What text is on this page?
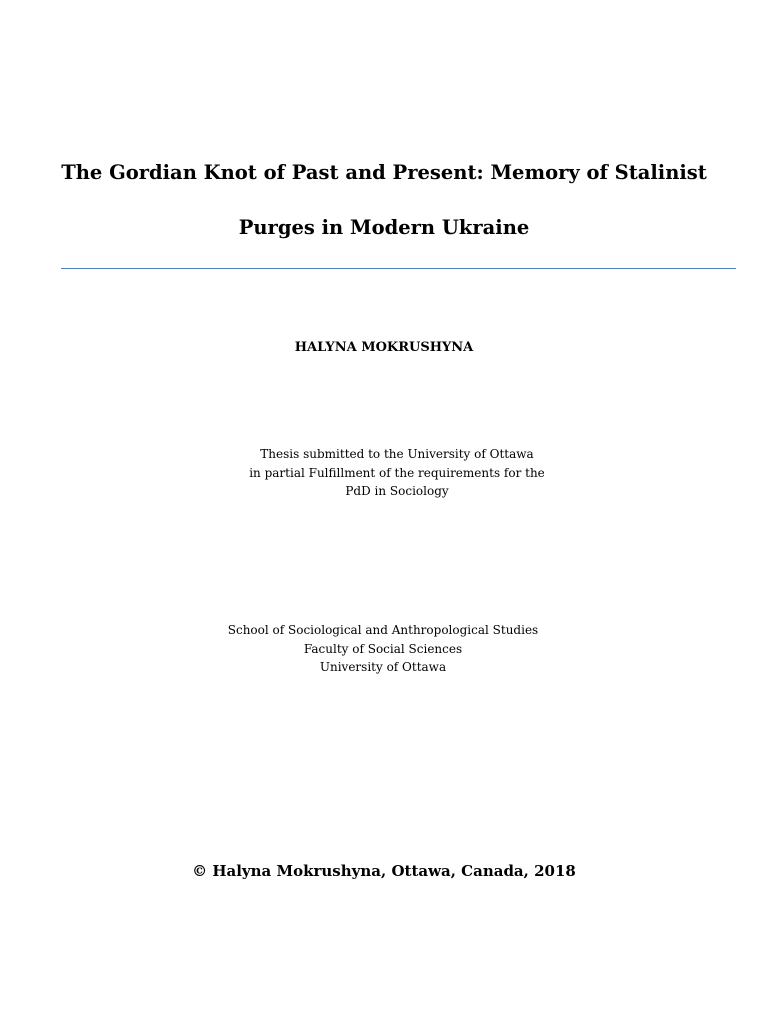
The Gordian Knot of Past and Present: Memory of Stalinist
Purges in Modern Ukraine
HALYNA MOKRUSHYNA
Thesis submitted to the University of Ottawa
in partial Fulfillment of the requirements for the
PdD in Sociology
School of Sociological and Anthropological Studies
Faculty of Social Sciences
University of Ottawa
© Halyna Mokrushyna, Ottawa, Canada, 2018
